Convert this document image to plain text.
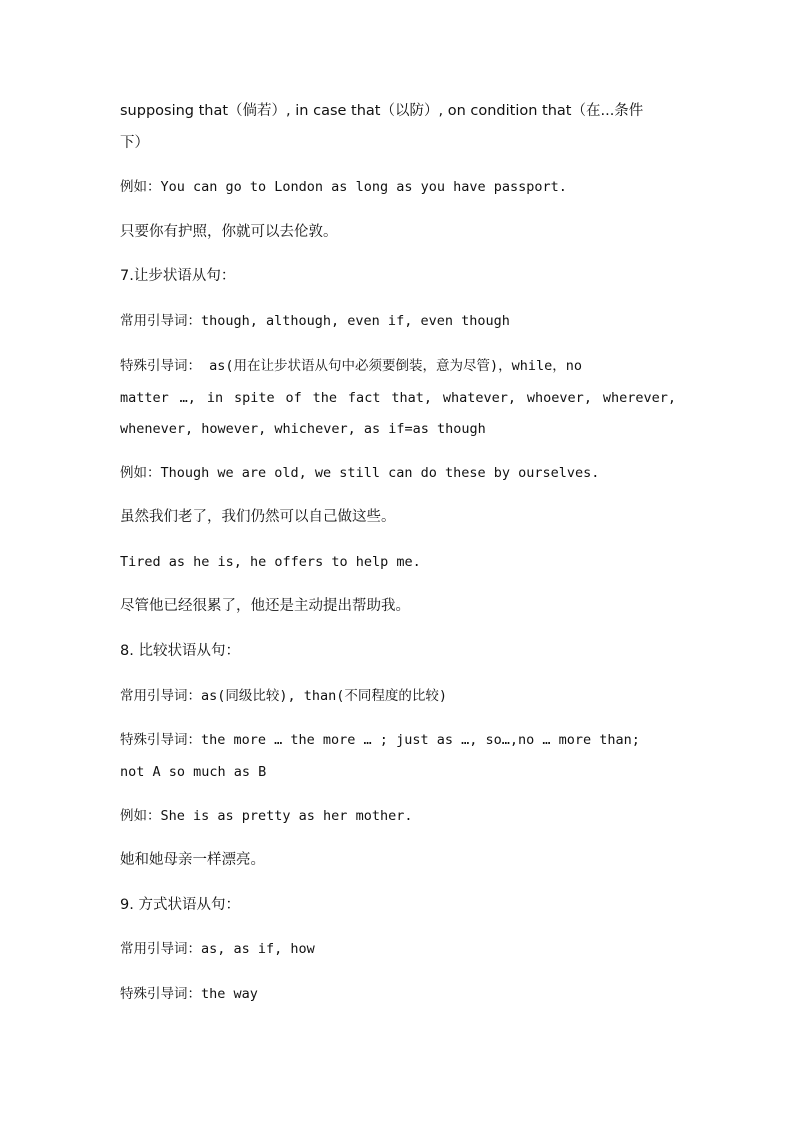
supposing that（倘若）, in case that（以防）, on condition that（在...条件
下）
例如：You can go to London as long as you have passport.
只要你有护照，你就可以去伦敦。
7.让步状语从句：
常用引导词：though, although, even if, even though
特殊引导词： as(用在让步状语从句中必须要倒装，意为尽管)，while，no
matter …, in spite of the fact that, whatever, whoever, wherever,
whenever, however, whichever, as if=as though
例如：Though we are old, we still can do these by ourselves.
虽然我们老了，我们仍然可以自己做这些。
Tired as he is, he offers to help me.
尽管他已经很累了，他还是主动提出帮助我。
8. 比较状语从句：
常用引导词：as(同级比较), than(不同程度的比较)
特殊引导词：the more … the more … ; just as …, so…,no … more than;
not A so much as B
例如：She is as pretty as her mother.
她和她母亲一样漂亮。
9. 方式状语从句：
常用引导词：as, as if, how
特殊引导词：the way
